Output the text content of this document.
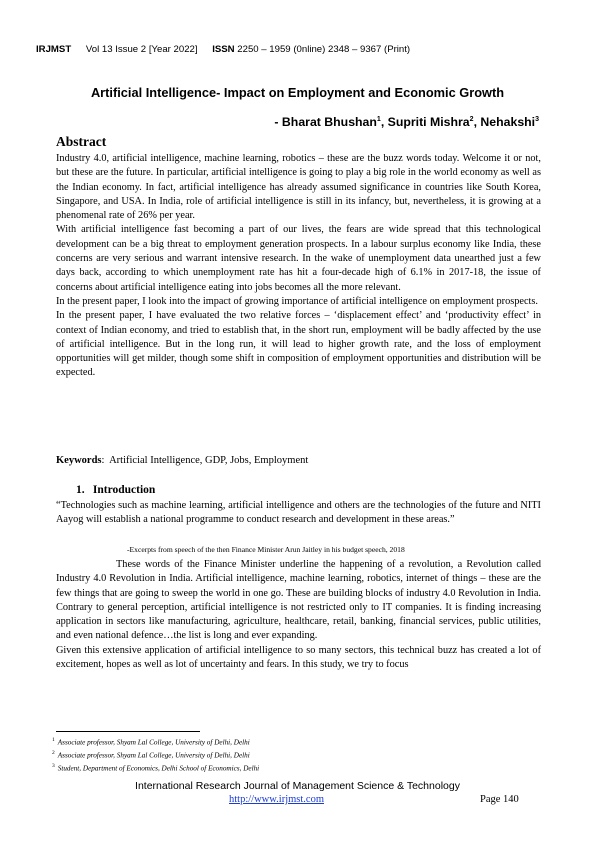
IRJMST Vol 13 Issue 2 [Year 2022] ISSN 2250 – 1959 (0nline) 2348 – 9367 (Print)
Artificial Intelligence- Impact on Employment and Economic Growth
- Bharat Bhushan$^1$, Supriti Mishra$^2$, Nehakshi$^3$
Abstract

Industry 4.0, artificial intelligence, machine learning, robotics – these are the buzz words today. Welcome it or not, but these are the future. In particular, artificial intelligence is going to play a big role in the world economy as well as the Indian economy. In fact, artificial intelligence has already assumed significance in countries like South Korea, Singapore, and USA. In India, role of artificial intelligence is still in its infancy, but, nevertheless, it is growing at a phenomenal rate of 26% per year.

With artificial intelligence fast becoming a part of our lives, the fears are wide spread that this technological development can be a big threat to employment generation prospects. In a labour surplus economy like India, these concerns are very serious and warrant intensive research. In the wake of unemployment data unearthed just a few days back, according to which unemployment rate has hit a four-decade high of 6.1% in 2017-18, the issue of concerns about artificial intelligence eating into jobs becomes all the more relevant.

In the present paper, I look into the impact of growing importance of artificial intelligence on employment prospects.

In the present paper, I have evaluated the two relative forces – ‘displacement effect’ and ‘productivity effect’ in context of Indian economy, and tried to establish that, in the short run, employment will be badly affected by the use of artificial intelligence. But in the long run, it will lead to higher growth rate, and the loss of employment opportunities will get milder, though some shift in composition of employment opportunities and distribution will be expected.

Keywords: Artificial Intelligence, GDP, Jobs, Employment
1. Introduction

“Technologies such as machine learning, artificial intelligence and others are the technologies of the future and NITI Aayog will establish a national programme to conduct research and development in these areas.”

-Excerpts from speech of the then Finance Minister Arun Jaitley in his budget speech, 2018

These words of the Finance Minister underline the happening of a revolution, a Revolution called Industry 4.0 Revolution in India. Artificial intelligence, machine learning, robotics, internet of things – these are the few things that are going to sweep the world in one go. These are building blocks of industry 4.0 Revolution in India. Contrary to general perception, artificial intelligence is not restricted only to IT companies. It is finding increasing application in sectors like manufacturing, agriculture, healthcare, retail, banking, financial services, public utilities, and even national defence…the list is long and ever expanding.

Given this extensive application of artificial intelligence to so many sectors, this technical buzz has created a lot of excitement, hopes as well as lot of uncertainty and fears. In this study, we try to focus

$^1$ Associate professor, Shyam Lal College, University of Delhi, Delhi
$^2$ Associate professor, Shyam Lal College, University of Delhi, Delhi
$^3$ Student, Department of Economics, Delhi School of Economics, Delhi
International Research Journal of Management Science & Technology
http://www.irjmst.com	Page 140
